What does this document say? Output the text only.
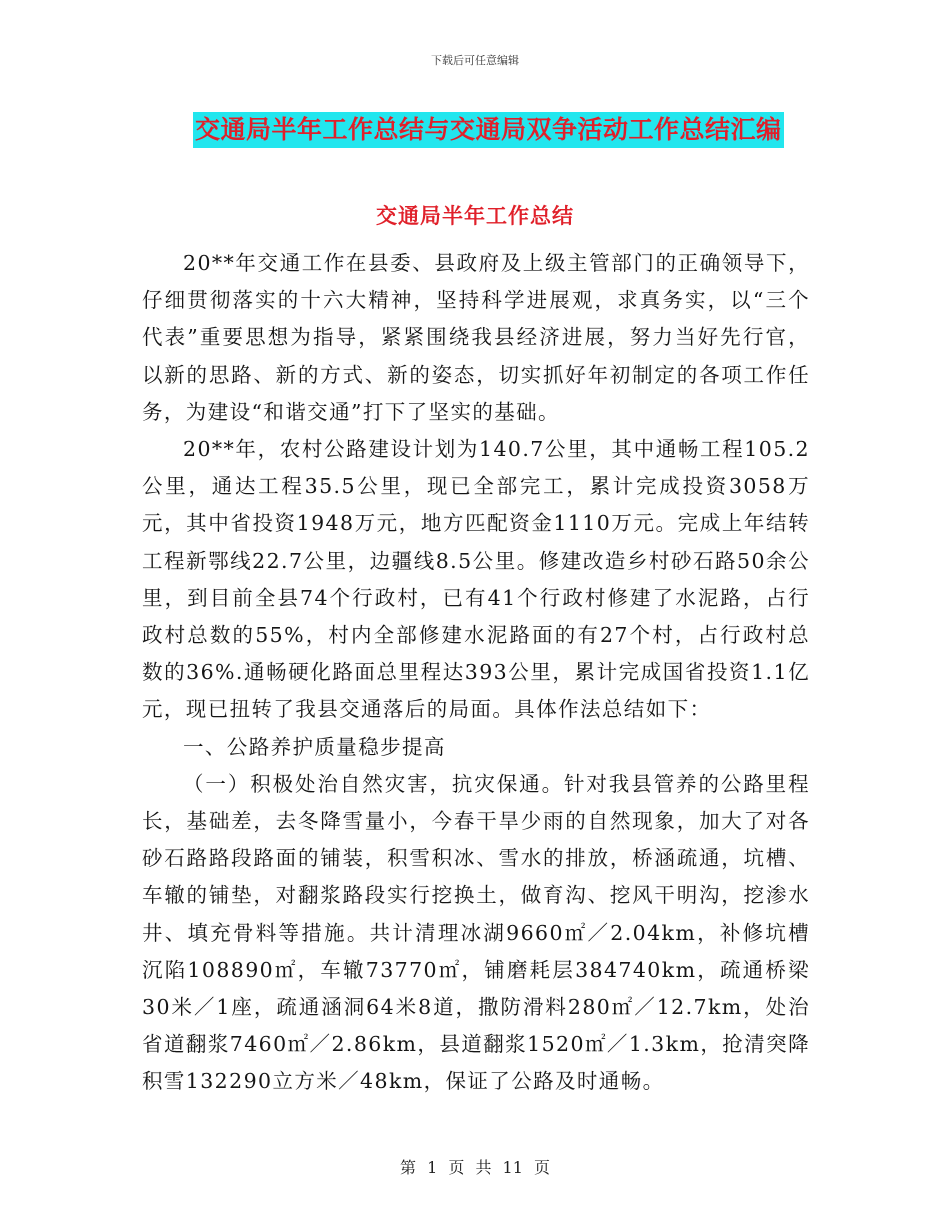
下载后可任意编辑
交通局半年工作总结与交通局双争活动工作总结汇编
交通局半年工作总结

20**年交通工作在县委、县政府及上级主管部门的正确领导下，仔细贯彻落实的十六大精神，坚持科学进展观，求真务实，以“三个代表”重要思想为指导，紧紧围绕我县经济进展，努力当好先行官，以新的思路、新的方式、新的姿态，切实抓好年初制定的各项工作任务，为建设“和谐交通”打下了坚实的基础。

20**年，农村公路建设计划为140.7公里，其中通畅工程105.2公里，通达工程35.5公里，现已全部完工，累计完成投资3058万元，其中省投资1948万元，地方匹配资金1110万元。完成上年结转工程新鄂线22.7公里，边疆线8.5公里。修建改造乡村砂石路50余公里，到目前全县74个行政村，已有41个行政村修建了水泥路，占行政村总数的55%，村内全部修建水泥路面的有27个村，占行政村总数的36%.通畅硬化路面总里程达393公里，累计完成国省投资1.1亿元，现已扭转了我县交通落后的局面。具体作法总结如下：

一、公路养护质量稳步提高

（一）积极处治自然灾害，抗灾保通。针对我县管养的公路里程长，基础差，去冬降雪量小，今春干旱少雨的自然现象，加大了对各砂石路路段路面的铺装，积雪积冰、雪水的排放，桥涵疏通，坑槽、车辙的铺垫，对翻浆路段实行挖换土，做育沟、挖风干明沟，挖渗水井、填充骨料等措施。共计清理冰湖9660㎡／2.04km，补修坑槽沉陷108890㎡，车辙73770㎡，铺磨耗层384740km，疏通桥梁30米／1座，疏通涵洞64米8道，撒防滑料280㎡／12.7km，处治省道翻浆7460㎡／2.86km，县道翻浆1520㎡／1.3km，抢清突降积雪132290立方米／48km，保证了公路及时通畅。

第 1 页 共 11 页
